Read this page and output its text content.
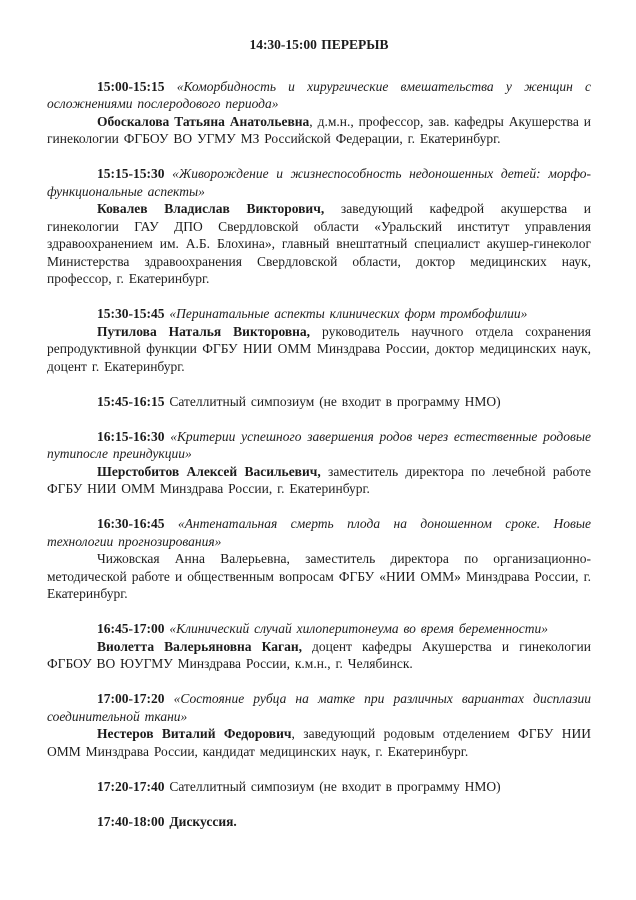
14:30-15:00 ПЕРЕРЫВ

15:00-15:15 «Коморбидность и хирургические вмешательства у женщин с осложнениями послеродового периода»

Обоскалова Татьяна Анатольевна, д.м.н., профессор, зав. кафедры Акушерства и гинекологии ФГБОУ ВО УГМУ МЗ Российской Федерации, г. Екатеринбург.

15:15-15:30 «Живорождение и жизнеспособность недоношенных детей: морфо-функциональные аспекты»

Ковалев Владислав Викторович, заведующий кафедрой акушерства и гинекологии ГАУ ДПО Свердловской области «Уральский институт управления здравоохранением им. А.Б. Блохина», главный внештатный специалист акушер-гинеколог Министерства здравоохранения Свердловской области, доктор медицинских наук, профессор, г. Екатеринбург.

15:30-15:45 «Перинатальные аспекты клинических форм тромбофилии»

Путилова Наталья Викторовна, руководитель научного отдела сохранения репродуктивной функции ФГБУ НИИ ОММ Минздрава России, доктор медицинских наук, доцент г. Екатеринбург.

15:45-16:15 Сателлитный симпозиум (не входит в программу НМО)

16:15-16:30 «Критерии успешного завершения родов через естественные родовые путипосле преиндукции»

Шерстобитов Алексей Васильевич, заместитель директора по лечебной работе ФГБУ НИИ ОММ Минздрава России, г. Екатеринбург.

16:30-16:45 «Антенатальная смерть плода на доношенном сроке. Новые технологии прогнозирования»

Чижовская Анна Валерьевна, заместитель директора по организационно-методической работе и общественным вопросам ФГБУ «НИИ ОММ» Минздрава России, г. Екатеринбург.

16:45-17:00 «Клинический случай хилоперитонеума во время беременности»

Виолетта Валерьяновна Каган, доцент кафедры Акушерства и гинекологии ФГБОУ ВО ЮУГМУ Минздрава России, к.м.н., г. Челябинск.

17:00-17:20 «Состояние рубца на матке при различных вариантах дисплазии соединительной ткани»

Нестеров Виталий Федорович, заведующий родовым отделением ФГБУ НИИ ОММ Минздрава России, кандидат медицинских наук, г. Екатеринбург.

17:20-17:40 Сателлитный симпозиум (не входит в программу НМО)

17:40-18:00 Дискуссия.
